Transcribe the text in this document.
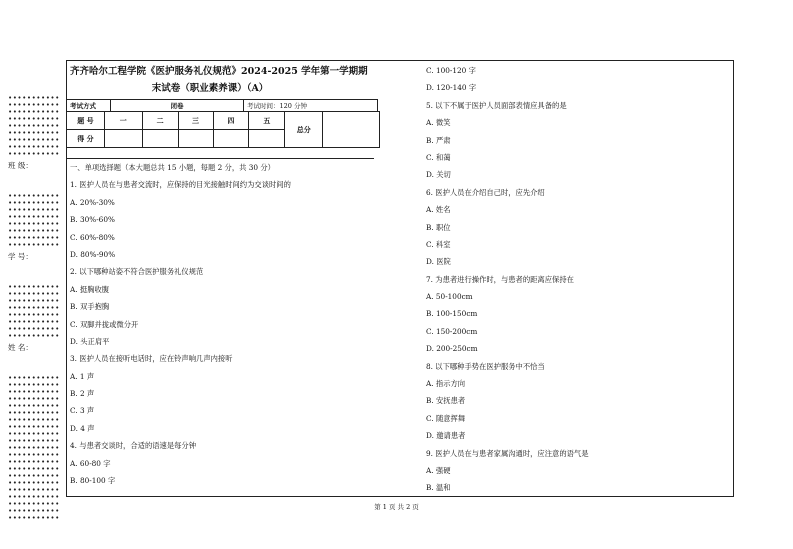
•••••••••••
•••••••••••
•••••••••••
•••••••••••
•••••••••••
•••••••••••
•••••••••••
•••••••••••
•••••••••••
班 级：
•••••••••••
•••••••••••
•••••••••••
•••••••••••
•••••••••••
•••••••••••
•••••••••••
•••••••••••
学 号：
•••••••••••
•••••••••••
•••••••••••
•••••••••••
•••••••••••
•••••••••••
•••••••••••
•••••••••••
姓 名：
•••••••••••
•••••••••••
•••••••••••
•••••••••••
•••••••••••
•••••••••••
•••••••••••
•••••••••••
•••••••••••
•••••••••••
•••••••••••
•••••••••••
•••••••••••
•••••••••••
•••••••••••
•••••••••••
•••••••••••
•••••••••••
•••••••••••
•••••••••••
•••••••••••
齐齐哈尔工程学院《医护服务礼仪规范》2024-2025 学年第一学期期
末试卷（职业素养课）（A）
考试方式	闭卷	考试时间：120 分钟
题 号	一	二	三	四	五	总分	
得 分							
一、单项选择题（本大题总共 15 小题，每题 2 分，共 30 分）
1. 医护人员在与患者交流时，应保持的目光接触时间约为交谈时间的
A. 20%-30%
B. 30%-60%
C. 60%-80%
D. 80%-90%
2. 以下哪种站姿不符合医护服务礼仪规范
A. 挺胸收腹
B. 双手抱胸
C. 双脚并拢或微分开
D. 头正肩平
3. 医护人员在接听电话时，应在铃声响几声内接听
A. 1 声
B. 2 声
C. 3 声
D. 4 声
4. 与患者交谈时，合适的语速是每分钟
A. 60-80 字
B. 80-100 字
C. 100-120 字
D. 120-140 字
5. 以下不属于医护人员面部表情应具备的是
A. 微笑
B. 严肃
C. 和蔼
D. 关切
6. 医护人员在介绍自己时，应先介绍
A. 姓名
B. 职位
C. 科室
D. 医院
7. 为患者进行操作时，与患者的距离应保持在
A. 50-100cm
B. 100-150cm
C. 150-200cm
D. 200-250cm
8. 以下哪种手势在医护服务中不恰当
A. 指示方向
B. 安抚患者
C. 随意挥舞
D. 邀请患者
9. 医护人员在与患者家属沟通时，应注意的语气是
A. 强硬
B. 温和
第 1 页 共 2 页
